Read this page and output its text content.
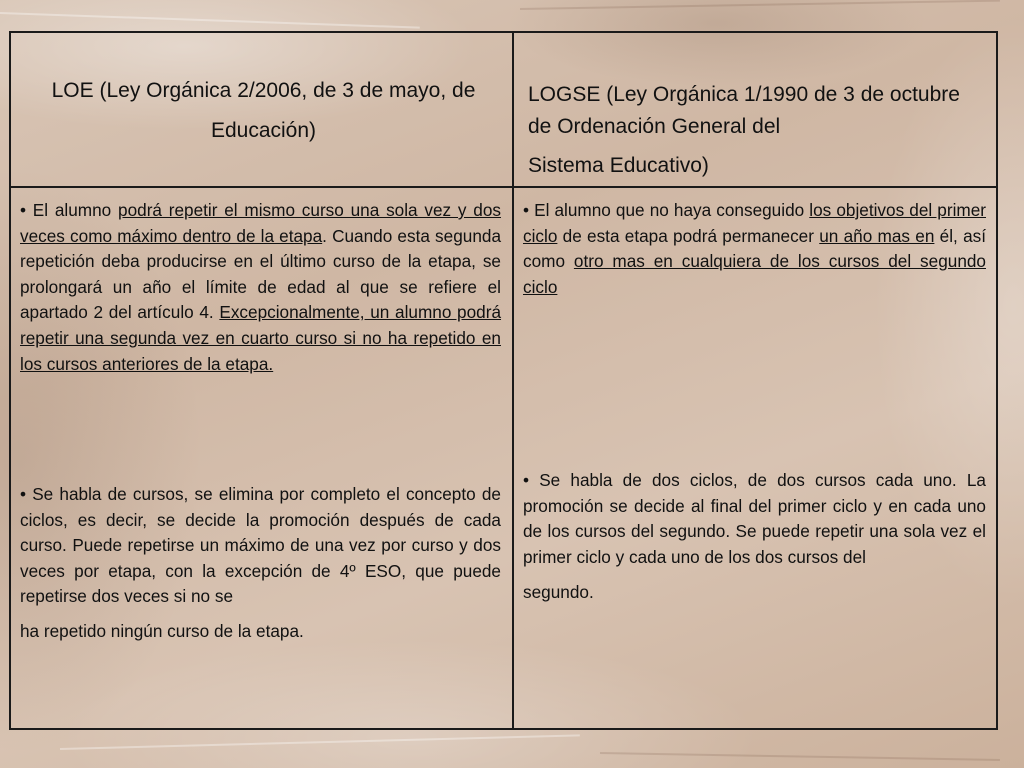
LOE (Ley Orgánica 2/2006, de 3 de mayo, de Educación)
LOGSE (Ley Orgánica 1/1990 de 3 de octubre de Ordenación General del
Sistema Educativo)
• El alumno podrá repetir el mismo curso una sola vez y dos veces como máximo dentro de la etapa. Cuando esta segunda repetición deba producirse en el último curso de la etapa, se prolongará un año el límite de edad al que se refiere el apartado 2 del artículo 4. Excepcionalmente, un alumno podrá repetir una segunda vez en cuarto curso si no ha repetido en los cursos anteriores de la etapa.
• Se habla de cursos, se elimina por completo el concepto de ciclos, es decir, se decide la promoción después de cada curso. Puede repetirse un máximo de una vez por curso y dos veces por etapa, con la excepción de 4º ESO, que puede repetirse dos veces si no se
ha repetido ningún curso de la etapa.
• El alumno que no haya conseguido los objetivos del primer ciclo de esta etapa podrá permanecer un año mas en él, así como otro mas en cualquiera de los cursos del segundo ciclo
• Se habla de dos ciclos, de dos cursos cada uno. La promoción se decide al final del primer ciclo y en cada uno de los cursos del segundo. Se puede repetir una sola vez el primer ciclo y cada uno de los dos cursos del
segundo.
